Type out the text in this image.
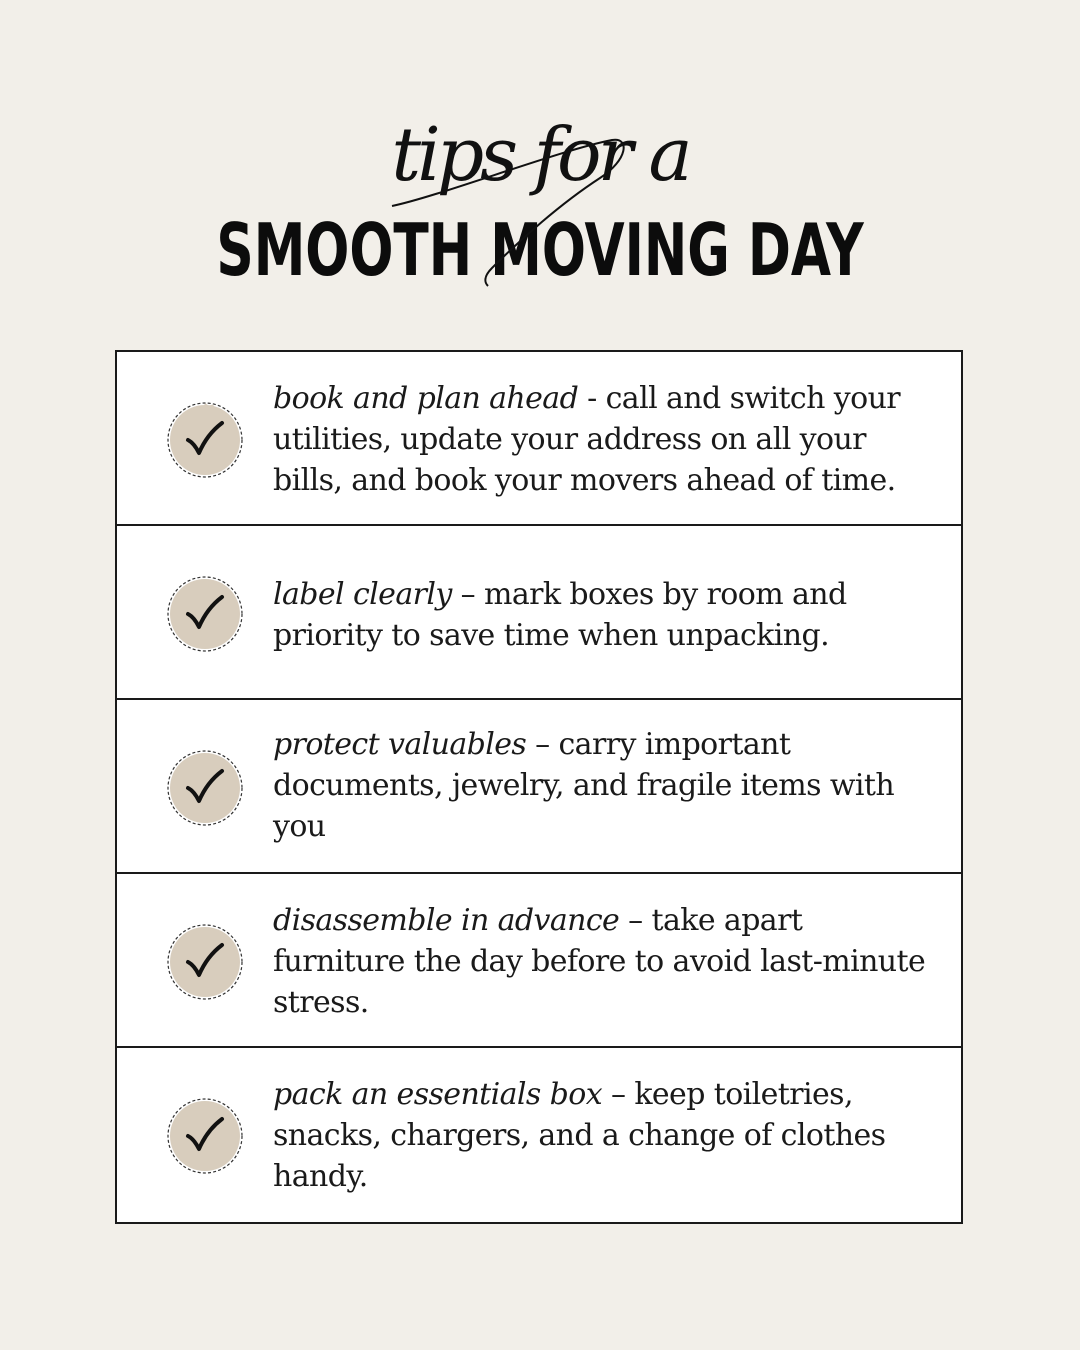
tips for a
SMOOTH MOVING DAY
book and plan ahead - call and switch your utilities, update your address on all your bills, and book your movers ahead of time.
label clearly – mark boxes by room and priority to save time when unpacking.
protect valuables – carry important documents, jewelry, and fragile items with you
disassemble in advance – take apart furniture the day before to avoid last-minute stress.
pack an essentials box – keep toiletries, snacks, chargers, and a change of clothes handy.
